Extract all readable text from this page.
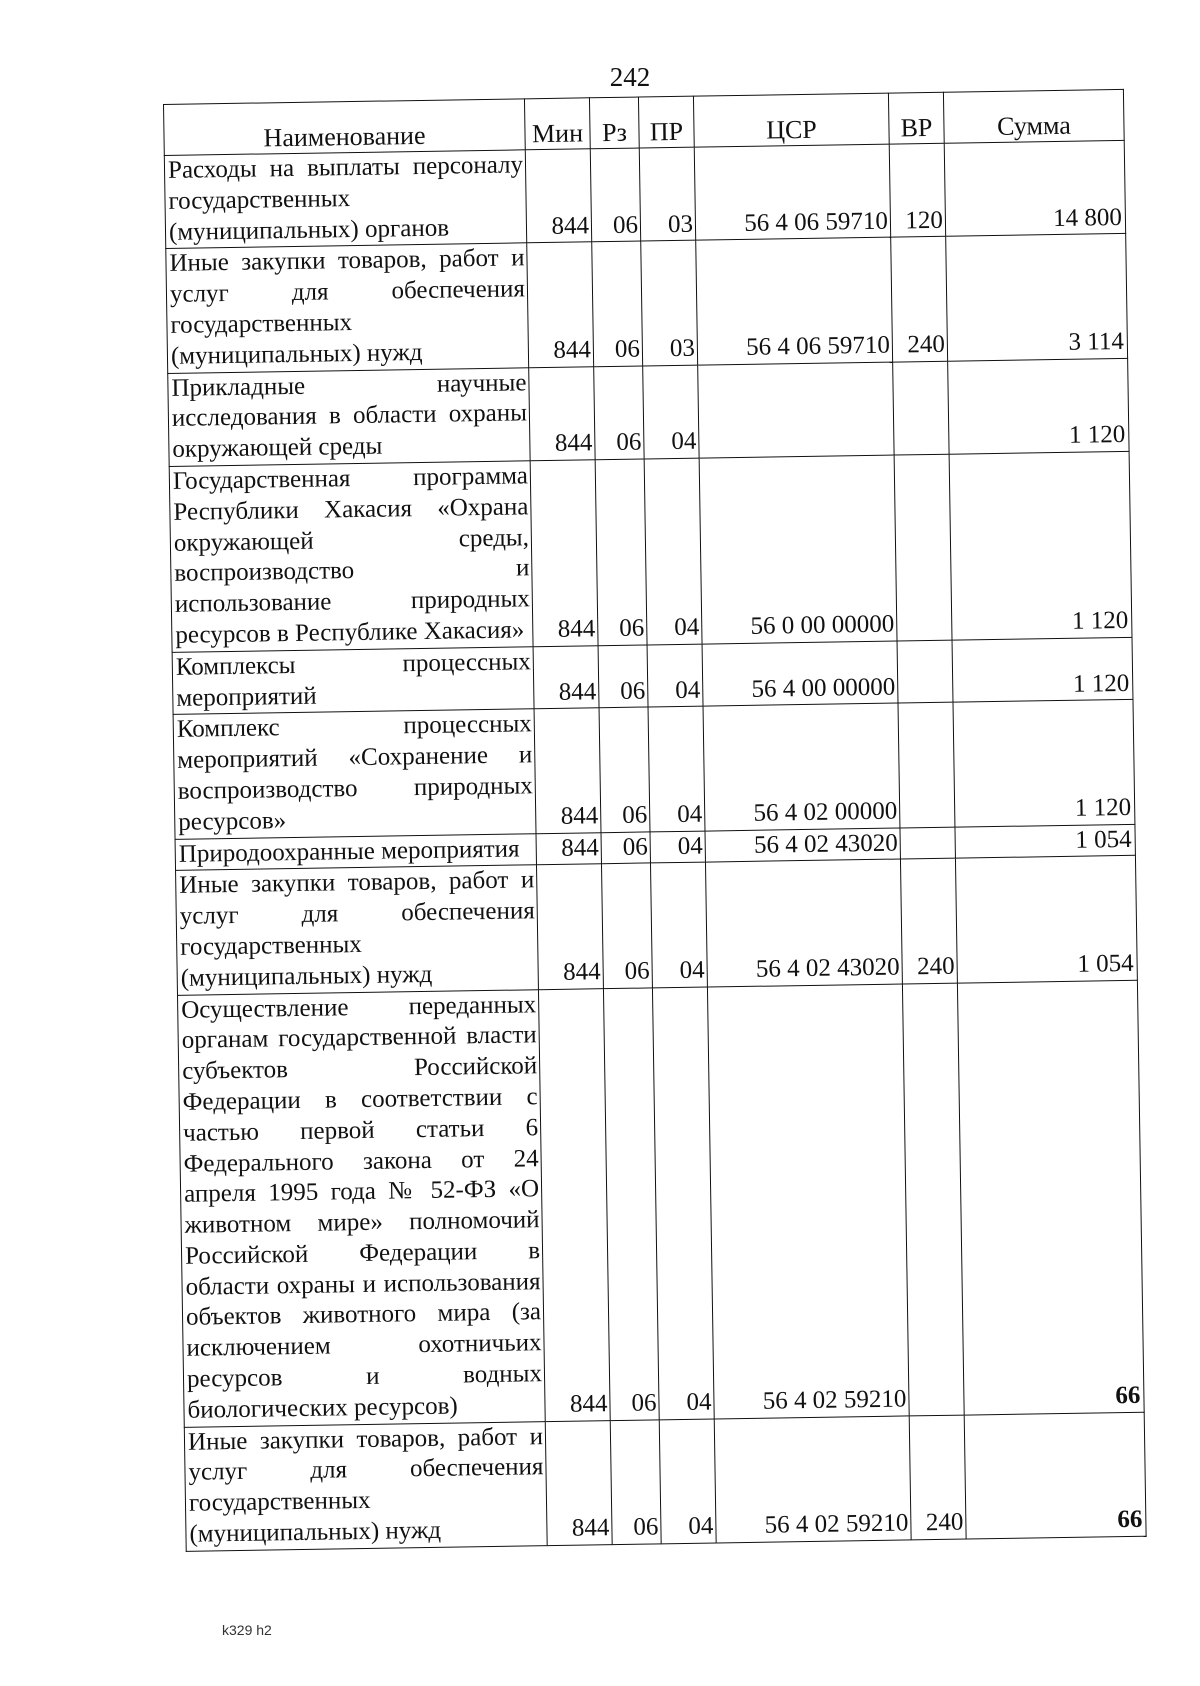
242
Наименование	Мин	Рз	ПР	ЦСР	ВР	Сумма
Расходы на выплаты персоналу государственных (муниципальных) органов	844	06	03	56 4 06 59710	120	14 800
Иные закупки товаров, работ и услуг для обеспечения государственных (муниципальных) нужд	844	06	03	56 4 06 59710	240	3 114
Прикладные научные исследования в области охраны окружающей среды	844	06	04			1 120
Государственная программа Республики Хакасия «Охрана окружающей среды, воспроизводство и использование природных ресурсов в Республике Хакасия»	844	06	04	56 0 00 00000		1 120
Комплексы процессных мероприятий	844	06	04	56 4 00 00000		1 120
Комплекс процессных мероприятий «Сохранение и воспроизводство природных ресурсов»	844	06	04	56 4 02 00000		1 120
Природоохранные мероприятия	844	06	04	56 4 02 43020		1 054
Иные закупки товаров, работ и услуг для обеспечения государственных (муниципальных) нужд	844	06	04	56 4 02 43020	240	1 054
Осуществление переданных органам государственной власти субъектов Российской Федерации в соответствии с частью первой статьи 6 Федерального закона от 24 апреля 1995 года № 52-ФЗ «О животном мире» полномочий Российской Федерации в области охраны и использования объектов животного мира (за исключением охотничьих ресурсов и водных биологических ресурсов)	844	06	04	56 4 02 59210		66
Иные закупки товаров, работ и услуг для обеспечения государственных (муниципальных) нужд	844	06	04	56 4 02 59210	240	66
k329 h2
